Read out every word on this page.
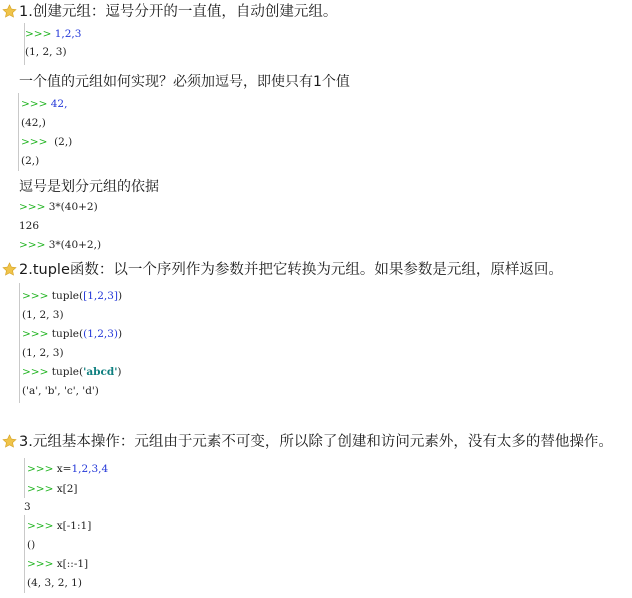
1.创建元组：逗号分开的一直值，自动创建元组。
>>> 1,2,3
(1, 2, 3)
一个值的元组如何实现？必须加逗号，即使只有1个值
>>> 42,
(42,)
>>>  (2,)
(2,)
逗号是划分元组的依据
>>> 3*(40+2)
126
>>> 3*(40+2,)
2.tuple函数：以一个序列作为参数并把它转换为元组。如果参数是元组，原样返回。
>>> tuple([1,2,3])
(1, 2, 3)
>>> tuple((1,2,3))
(1, 2, 3)
>>> tuple('abcd')
('a', 'b', 'c', 'd')
3.元组基本操作：元组由于元素不可变，所以除了创建和访问元素外，没有太多的替他操作。
>>> x=1,2,3,4
>>> x[2]
3
>>> x[-1:1]
()
>>> x[::-1]
(4, 3, 2, 1)
